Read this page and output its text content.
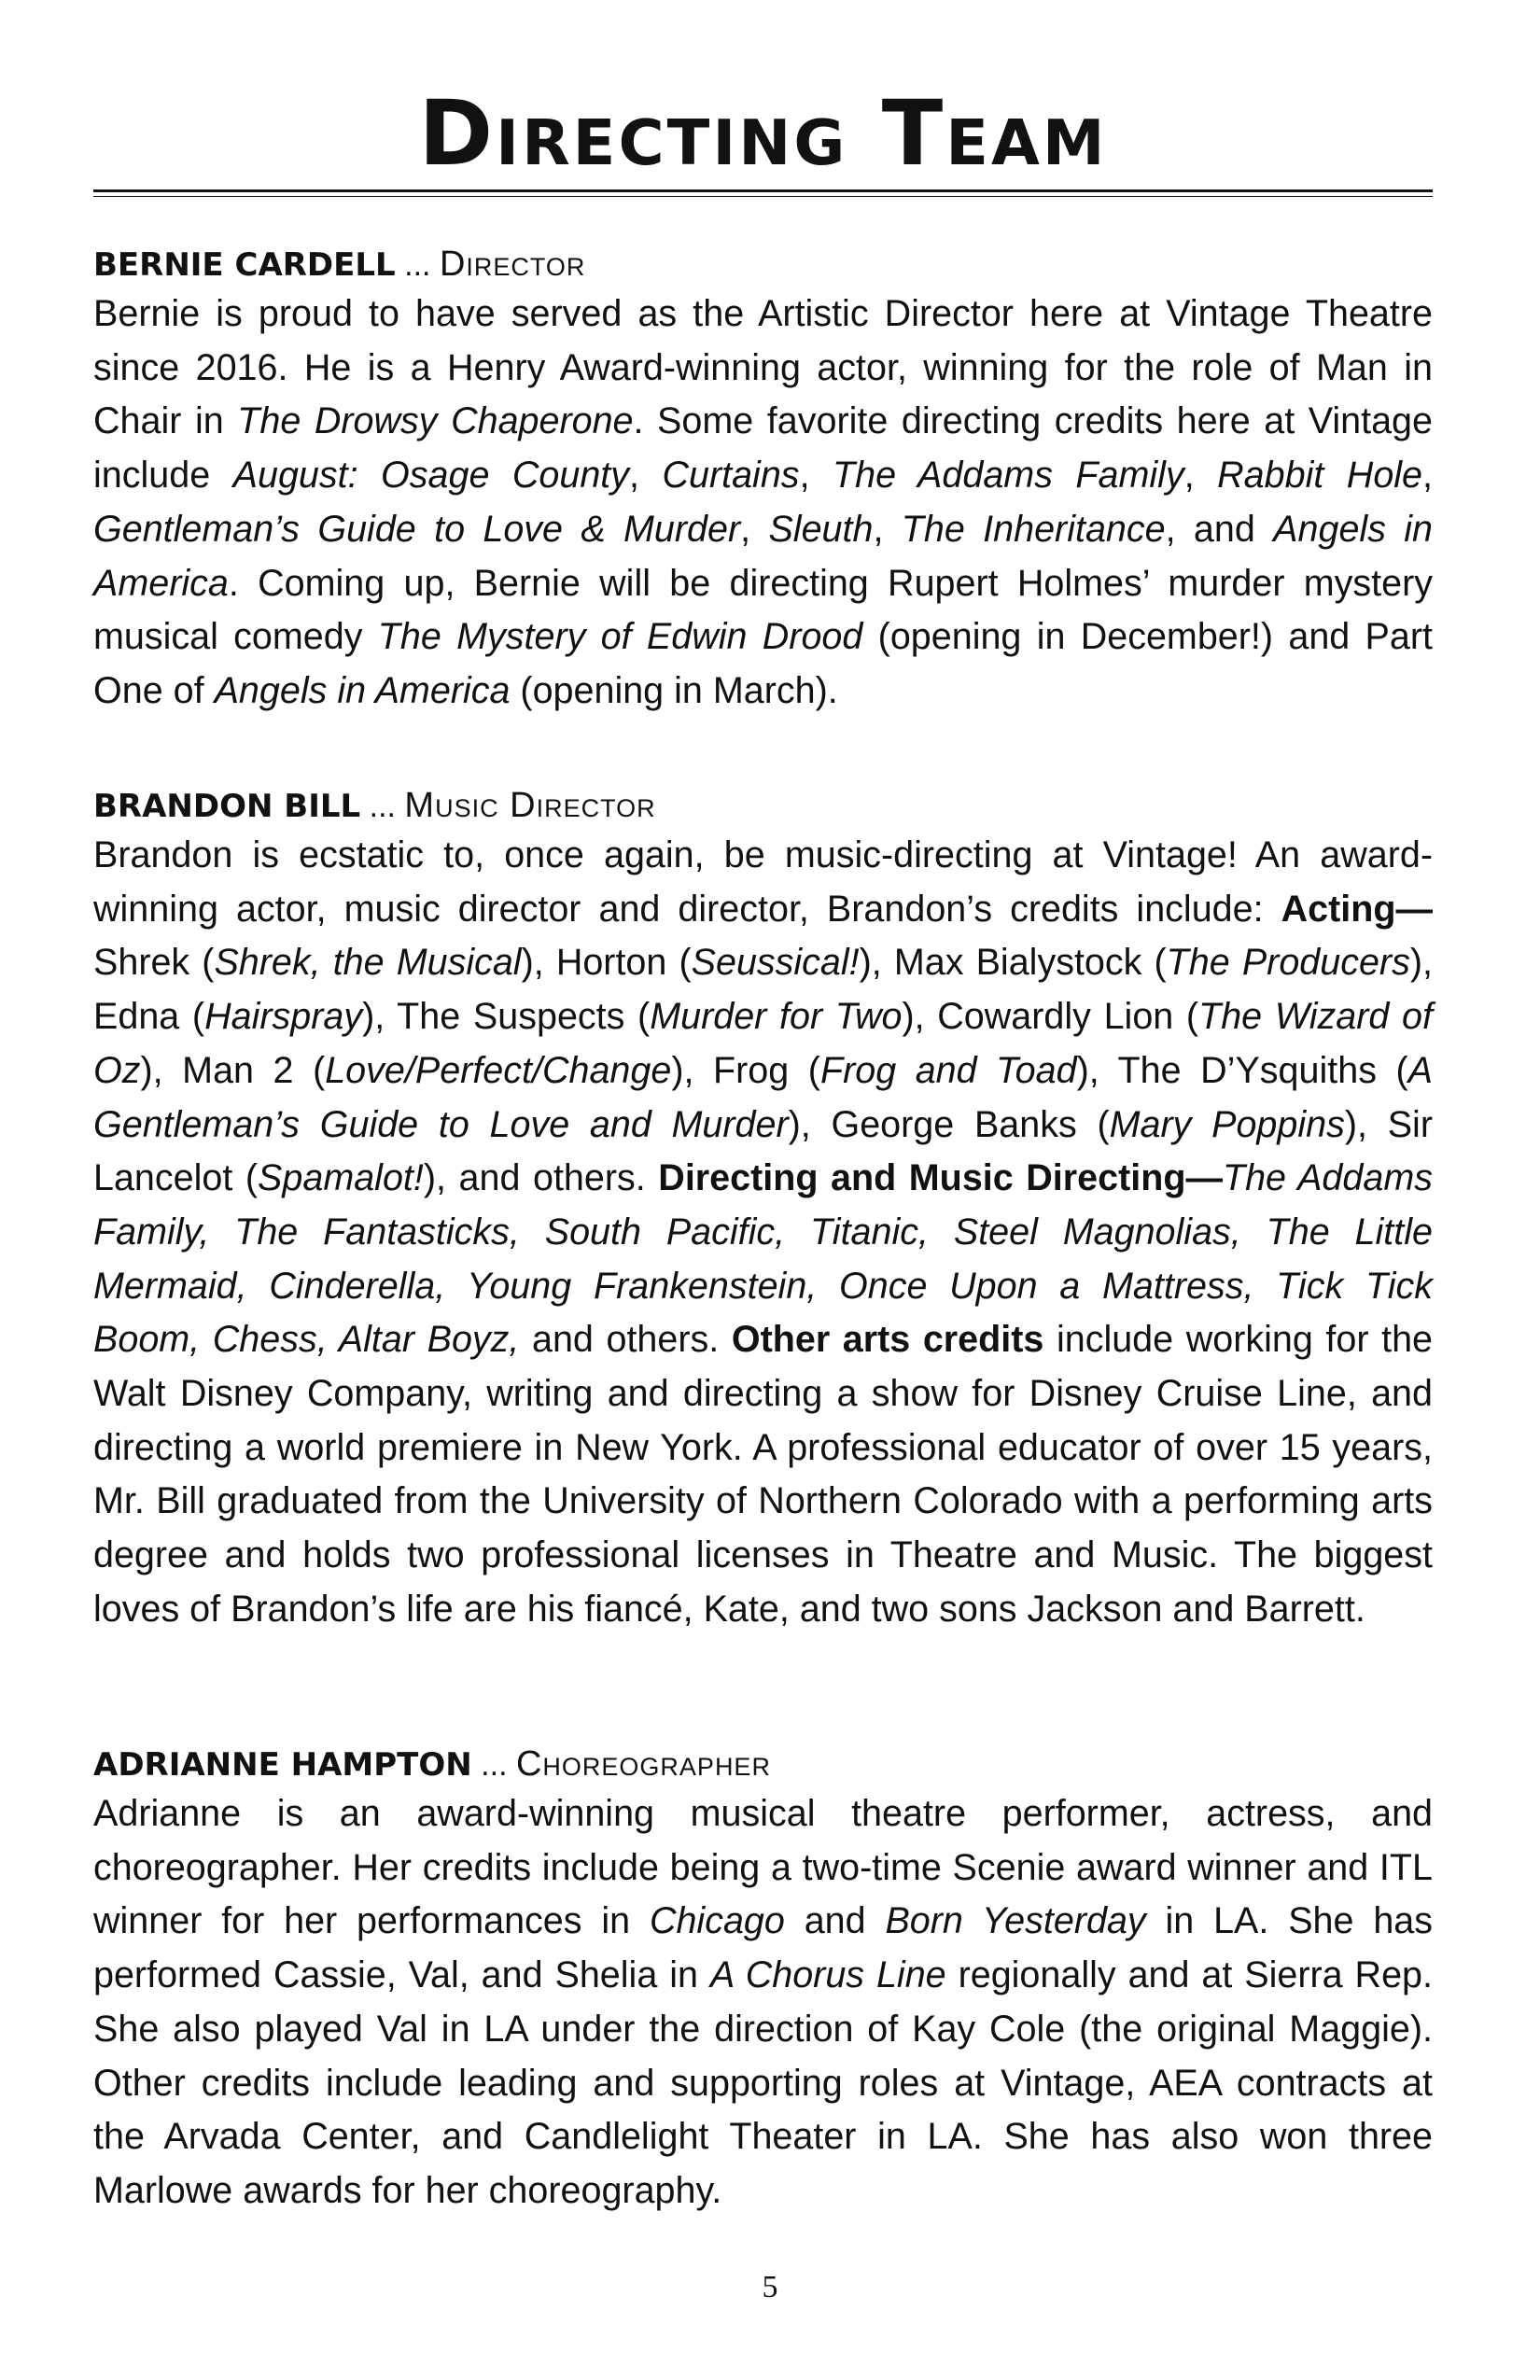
Directing Team
BERNIE CARDELL ... Director

Bernie is proud to have served as the Artistic Director here at Vintage Theatre since 2016. He is a Henry Award-winning actor, winning for the role of Man in Chair in The Drowsy Chaperone. Some favorite directing credits here at Vintage include August: Osage County, Curtains, The Addams Family, Rabbit Hole, Gentleman’s Guide to Love & Murder, Sleuth, The Inheritance, and Angels in America. Coming up, Bernie will be directing Rupert Holmes’ murder mystery musical comedy The Mystery of Edwin Drood (opening in December!) and Part One of Angels in America (opening in March).

BRANDON BILL ... Music Director

Brandon is ecstatic to, once again, be music-directing at Vintage! An award-winning actor, music director and director, Brandon’s credits include: Acting—Shrek (Shrek, the Musical), Horton (Seussical!), Max Bialystock (The Producers), Edna (Hairspray), The Suspects (Murder for Two), Cowardly Lion (The Wizard of Oz), Man 2 (Love/Perfect/Change), Frog (Frog and Toad), The D’Ysquiths (A Gentleman’s Guide to Love and Murder), George Banks (Mary Poppins), Sir Lancelot (Spamalot!), and others. Directing and Music Directing—The Addams Family, The Fantasticks, South Pacific, Titanic, Steel Magnolias, The Little Mermaid, Cinderella, Young Frankenstein, Once Upon a Mattress, Tick Tick Boom, Chess, Altar Boyz, and others. Other arts credits include working for the Walt Disney Company, writing and directing a show for Disney Cruise Line, and directing a world premiere in New York. A professional educator of over 15 years, Mr. Bill graduated from the University of Northern Colorado with a performing arts degree and holds two professional licenses in Theatre and Music. The biggest loves of Brandon’s life are his fiancé, Kate, and two sons Jackson and Barrett.

ADRIANNE HAMPTON ... Choreographer

Adrianne is an award-winning musical theatre performer, actress, and choreographer. Her credits include being a two-time Scenie award winner and ITL winner for her performances in Chicago and Born Yesterday in LA. She has performed Cassie, Val, and Shelia in A Chorus Line regionally and at Sierra Rep. She also played Val in LA under the direction of Kay Cole (the original Maggie). Other credits include leading and supporting roles at Vintage, AEA contracts at the Arvada Center, and Candlelight Theater in LA. She has also won three Marlowe awards for her choreography.

5
